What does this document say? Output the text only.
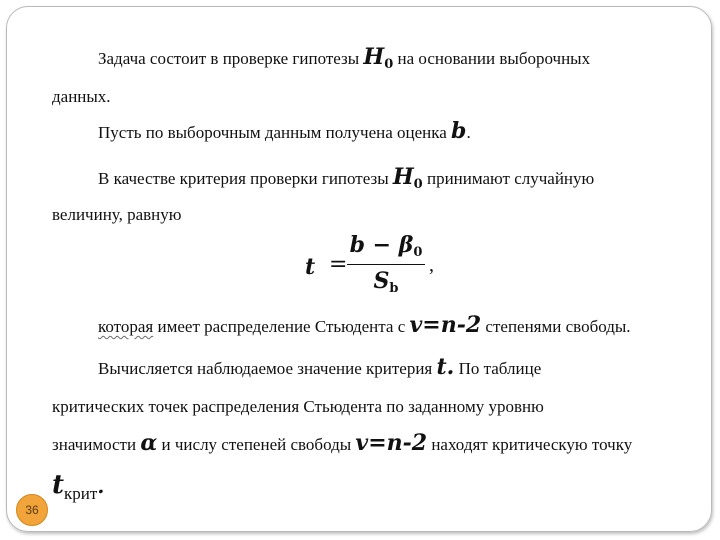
Задача состоит в проверке гипотезы H0 на основании выборочных
данных.
Пусть по выборочным данным получена оценка b.
В качестве критерия проверки гипотезы H0 принимают случайную
величину, равную
t =
b − β0
Sb
,
которая имеет распределение Стьюдента с v=n-2 степенями свободы.
Вычисляется наблюдаемое значение критерия t. По таблице
критических точек распределения Стьюдента по заданному уровню
значимости α и числу степеней свободы v=n-2 находят критическую точку
tкрит.
36
